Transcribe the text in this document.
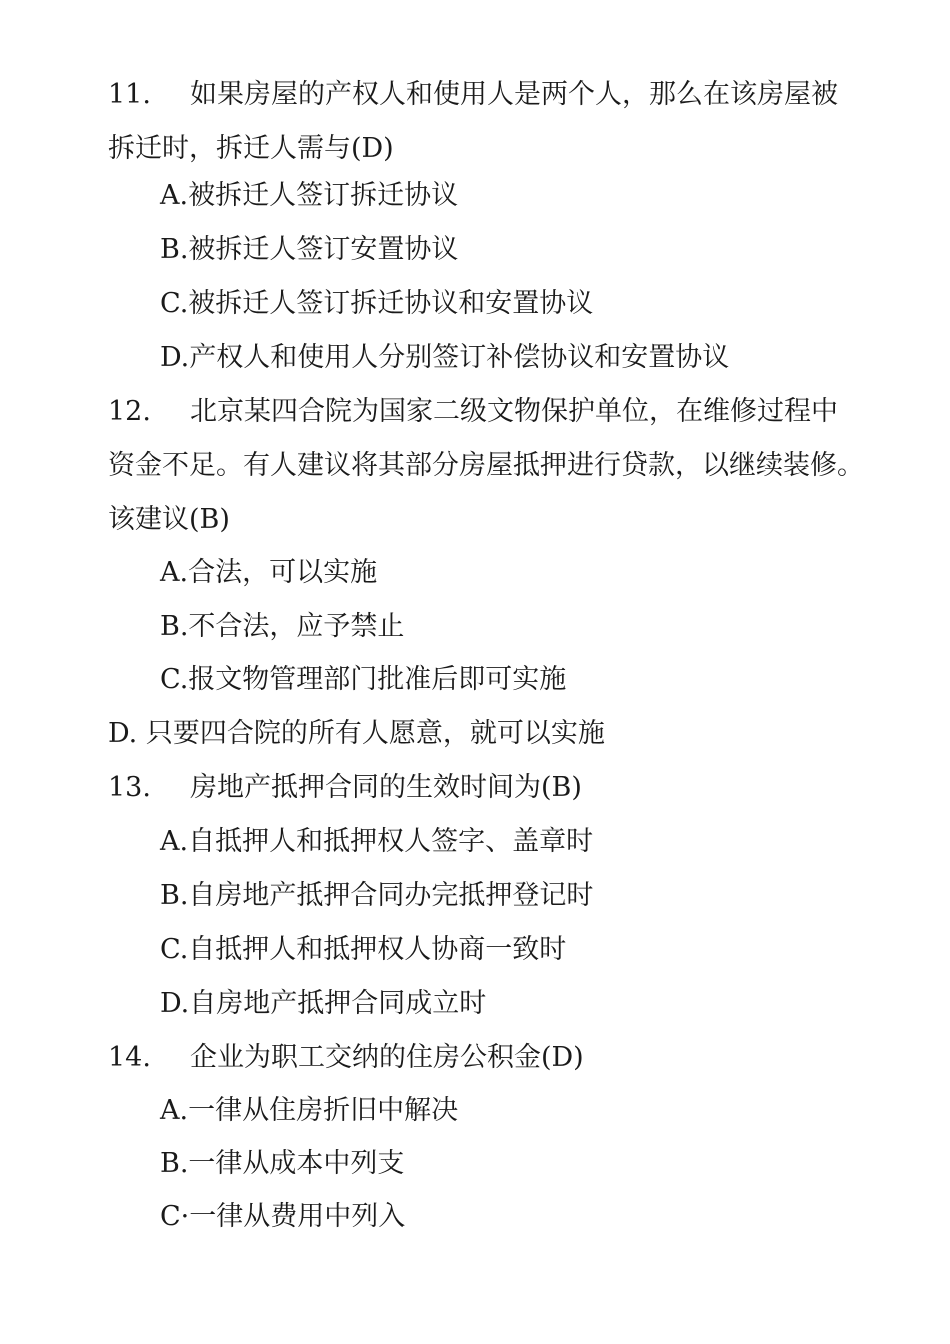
11. 如果房屋的产权人和使用人是两个人，那么在该房屋被
拆迁时，拆迁人需与(D)
A.被拆迁人签订拆迁协议
B.被拆迁人签订安置协议
C.被拆迁人签订拆迁协议和安置协议
D.产权人和使用人分别签订补偿协议和安置协议
12. 北京某四合院为国家二级文物保护单位，在维修过程中
资金不足。有人建议将其部分房屋抵押进行贷款，以继续装修。
该建议(B)
A.合法，可以实施
B.不合法，应予禁止
C.报文物管理部门批准后即可实施
D. 只要四合院的所有人愿意，就可以实施
13. 房地产抵押合同的生效时间为(B)
A.自抵押人和抵押权人签字、盖章时
B.自房地产抵押合同办完抵押登记时
C.自抵押人和抵押权人协商一致时
D.自房地产抵押合同成立时
14. 企业为职工交纳的住房公积金(D)
A.一律从住房折旧中解决
B.一律从成本中列支
C·一律从费用中列入
